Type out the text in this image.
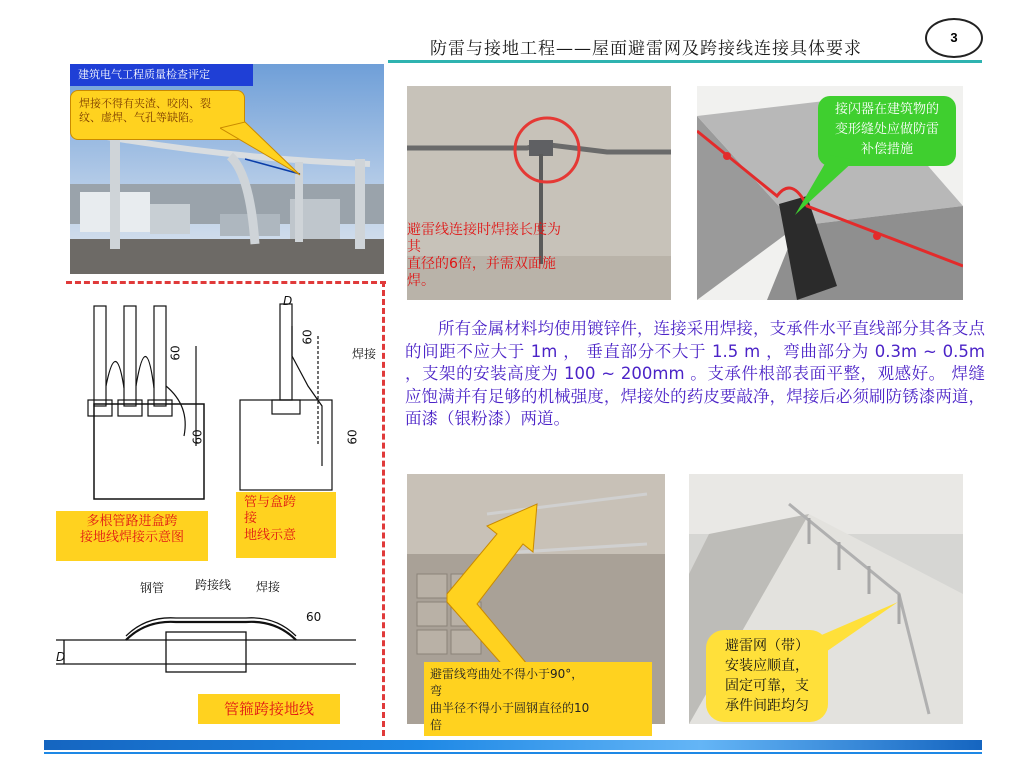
防雷与接地工程——屋面避雷网及跨接线连接具体要求
3
建筑电气工程质量检查评定
焊接不得有夹渣、咬肉、裂
纹、虚焊、气孔等缺陷。
避雷线连接时焊接长度为
其
直径的6倍，并需双面施
焊。
接闪器在建筑物的
变形缝处应做防雷
补偿措施
所有金属材料均使用镀锌件，连接采用焊接，支承件水平直线部分其各支点的间距不应大于 1m ， 垂直部分不大于 1.5 m ，弯曲部分为 0.3m ~ 0.5m ，支架的安装高度为 100 ~ 200mm 。支承件根部表面平整，观感好。 焊缝应饱满并有足够的机械强度，焊接处的药皮要敲净，焊接后必须刷防锈漆两道，面漆（银粉漆）两道。
60
60
D
焊接
60
60
多根管路进盒跨
接地线焊接示意图
管与盒跨
接
地线示意
钢管	跨接线 焊接
60
D
管箍跨接地线
避雷线弯曲处不得小于90°，
弯
曲半径不得小于圆钢直径的10
倍
避雷网（带）
安装应顺直，
固定可靠，支
承件间距均匀
